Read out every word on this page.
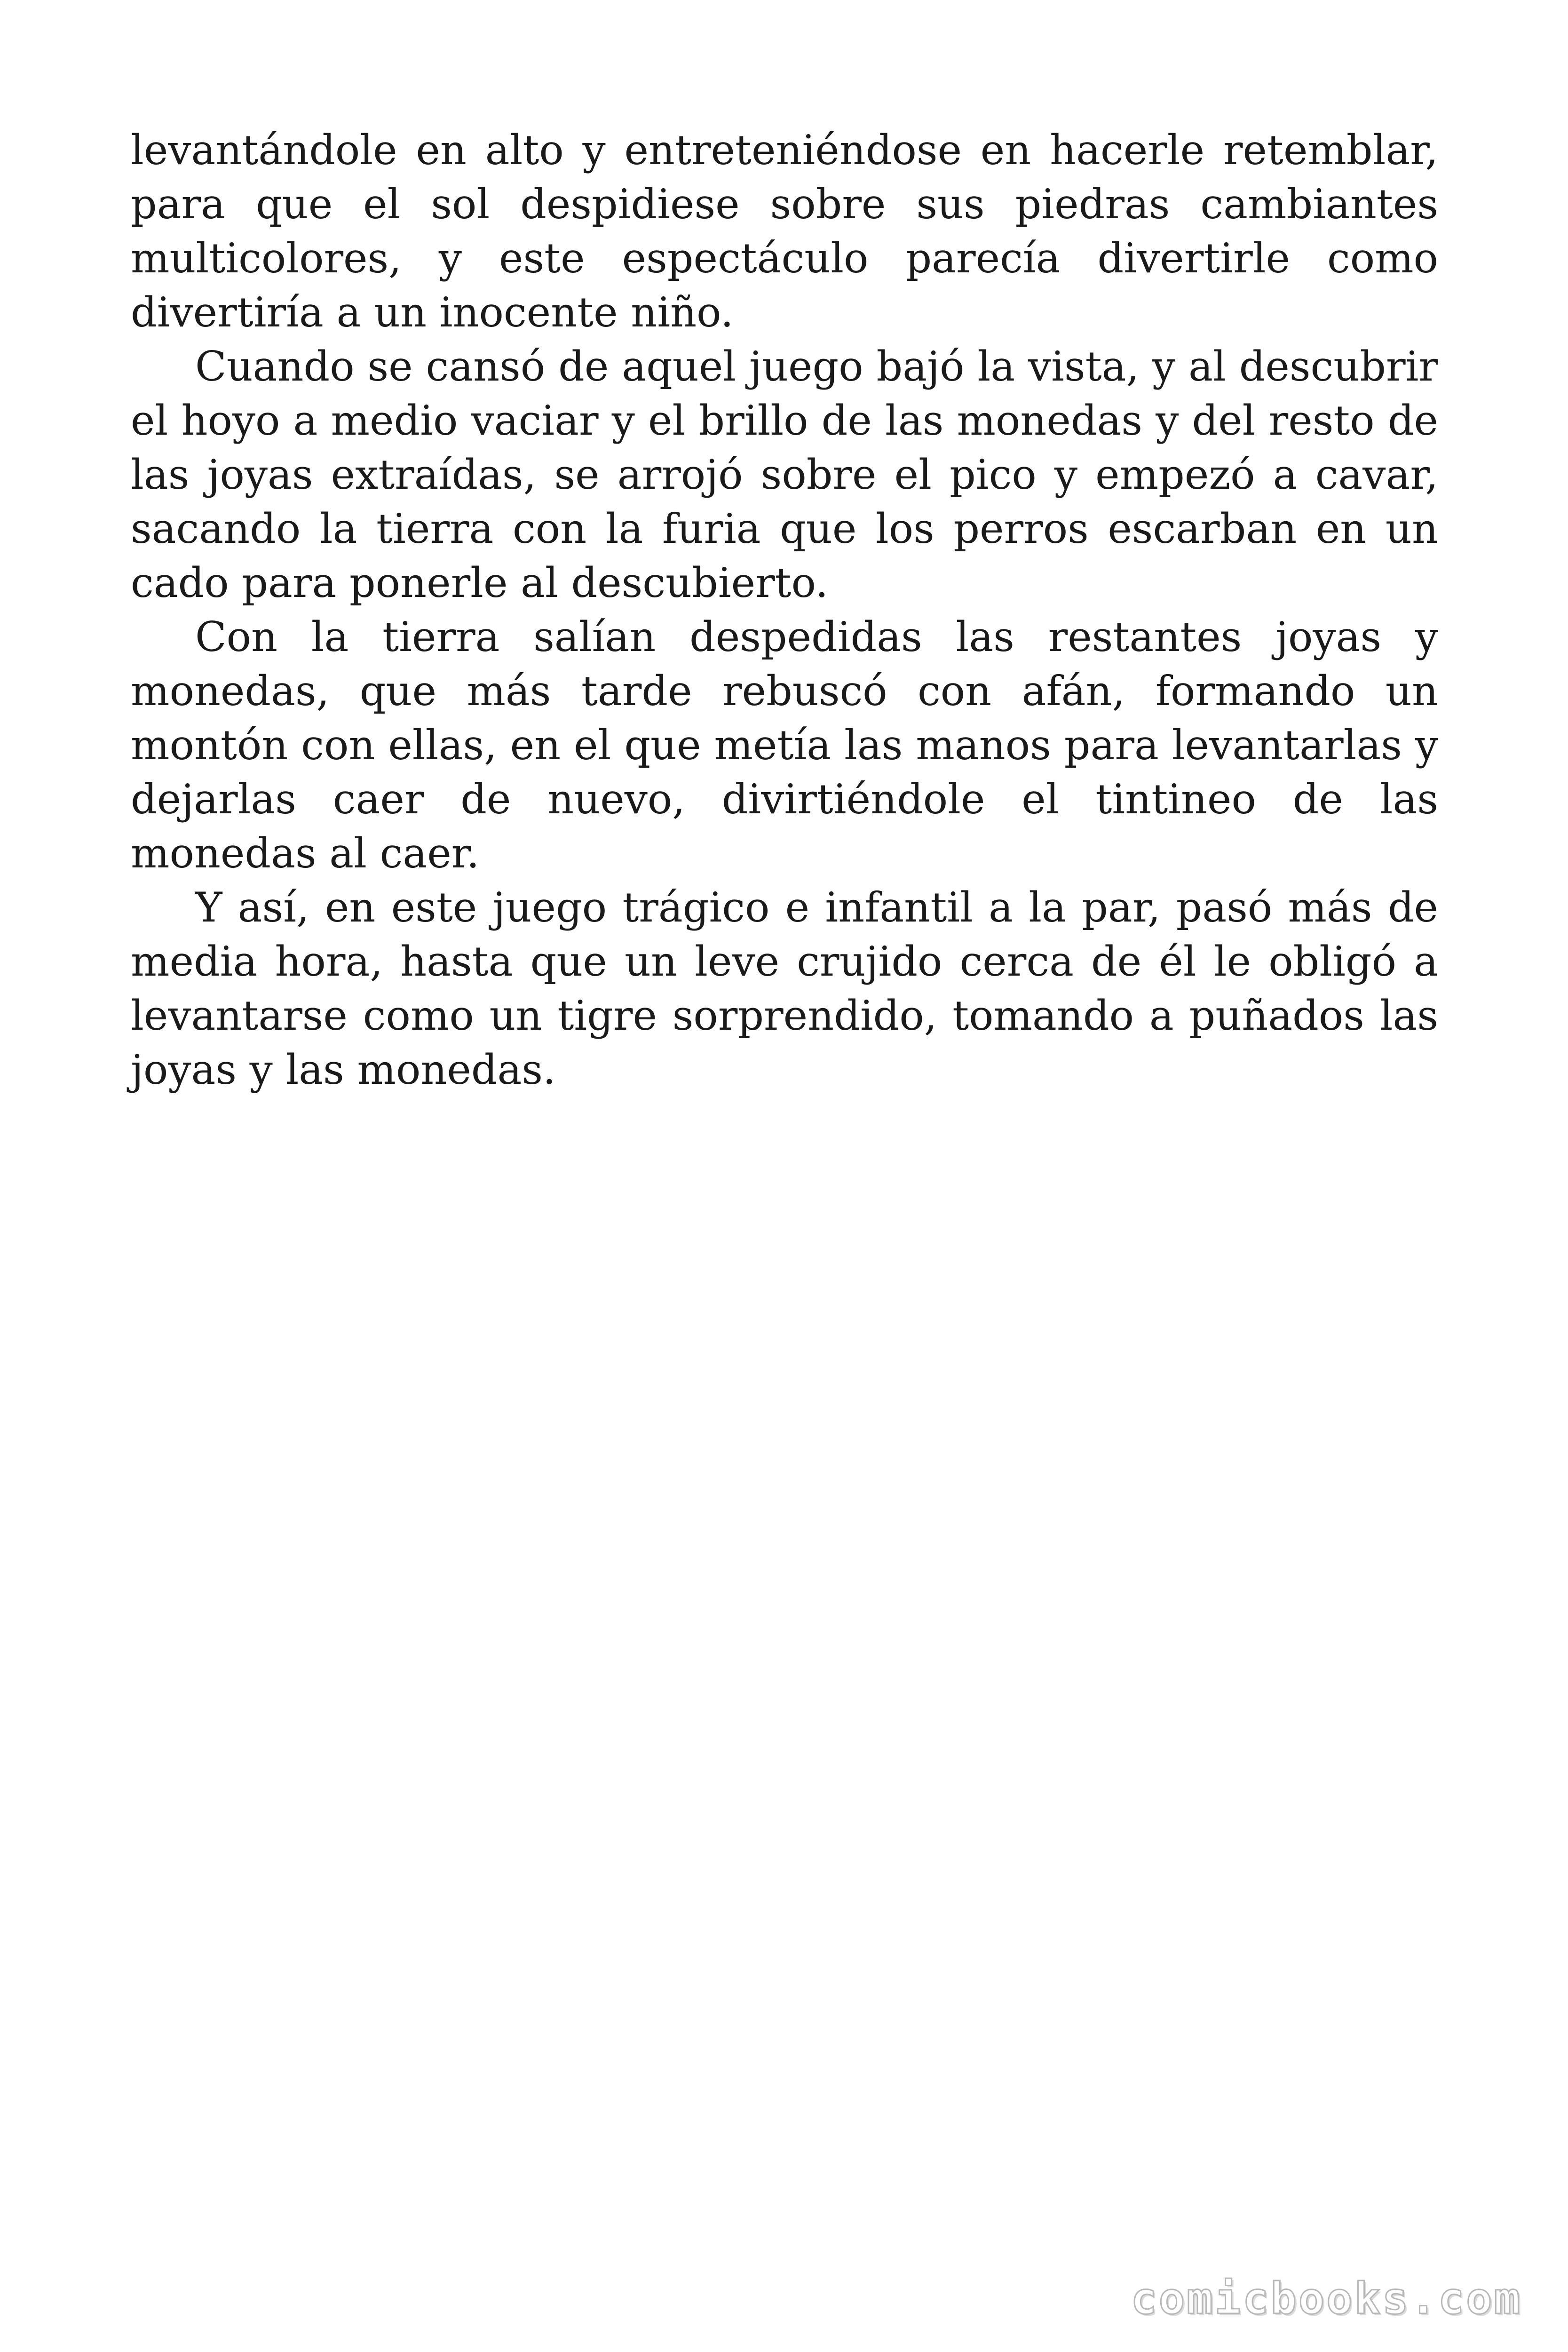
levantándole en alto y entreteniéndose en hacerle retemblar, para que el sol despidiese sobre sus piedras cambiantes multicolores, y este espectáculo parecía divertirle como divertiría a un inocente niño.

Cuando se cansó de aquel juego bajó la vista, y al descubrir el hoyo a medio vaciar y el brillo de las monedas y del resto de las joyas extraídas, se arrojó sobre el pico y empezó a cavar, sacando la tierra con la furia que los perros escarban en un cado para ponerle al descubierto.

Con la tierra salían despedidas las restantes joyas y monedas, que más tarde rebuscó con afán, formando un montón con ellas, en el que metía las manos para levantarlas y dejarlas caer de nuevo, divirtiéndole el tintineo de las monedas al caer.

Y así, en este juego trágico e infantil a la par, pasó más de media hora, hasta que un leve crujido cerca de él le obligó a levantarse como un tigre sorprendido, tomando a puñados las joyas y las monedas.

comicbooks.com
